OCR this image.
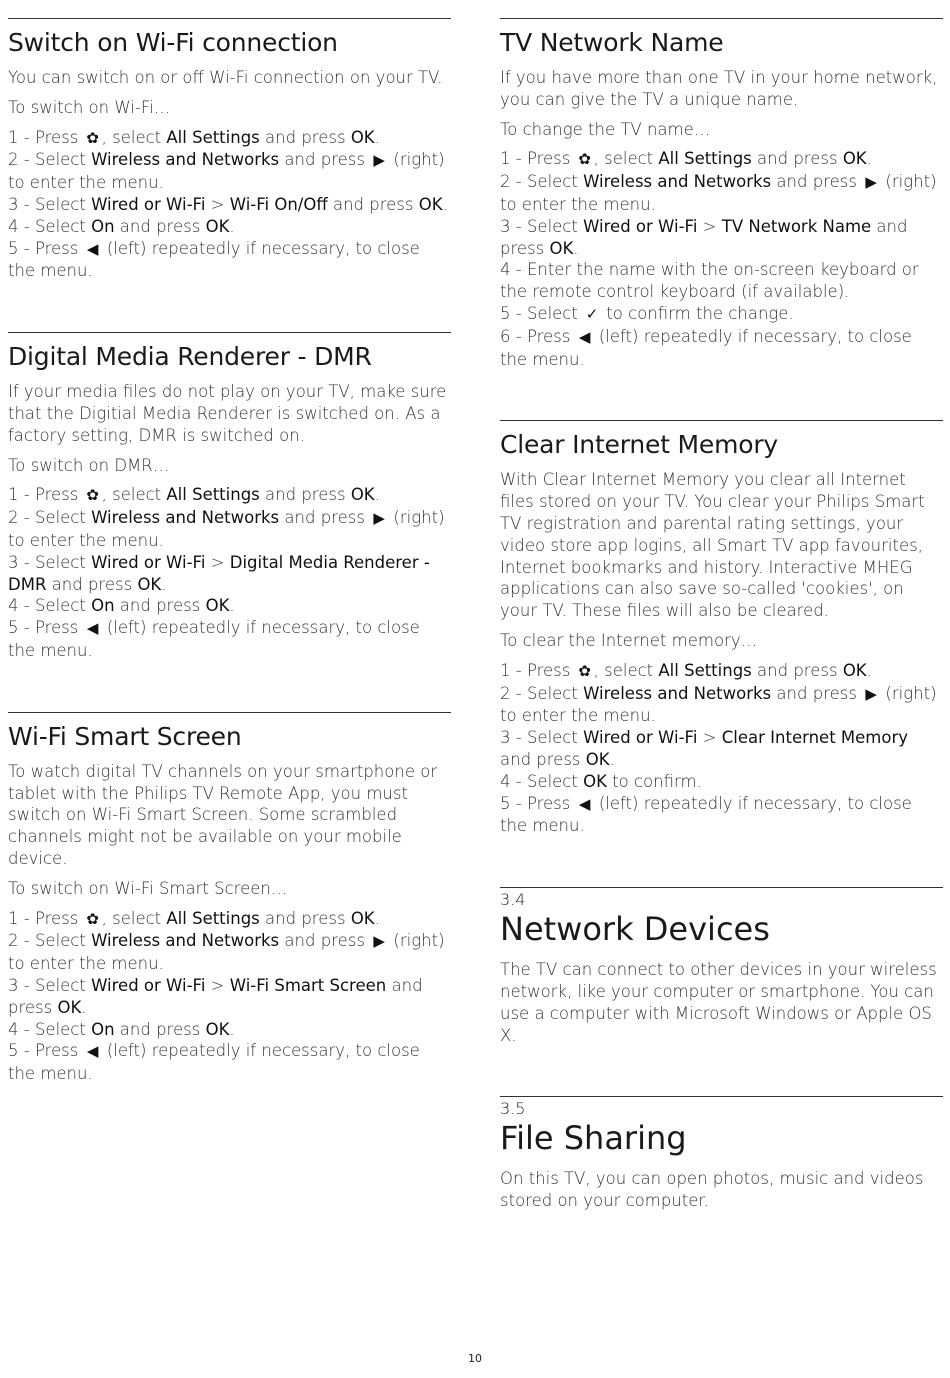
Switch on Wi-Fi connection

You can switch on or off Wi-Fi connection on your TV.

To switch on Wi-Fi…

1 - Press ✿ , select All Settings and press OK.
2 - Select Wireless and Networks and press ▶ (right) to enter the menu.
3 - Select Wired or Wi-Fi > Wi-Fi On/Off and press OK.
4 - Select On and press OK.
5 - Press ◀ (left) repeatedly if necessary, to close the menu.
Digital Media Renderer - DMR

If your media files do not play on your TV, make sure that the Digitial Media Renderer is switched on. As a factory setting, DMR is switched on.

To switch on DMR…

1 - Press ✿ , select All Settings and press OK.
2 - Select Wireless and Networks and press ▶ (right) to enter the menu.
3 - Select Wired or Wi-Fi > Digital Media Renderer - DMR and press OK.
4 - Select On and press OK.
5 - Press ◀ (left) repeatedly if necessary, to close the menu.
Wi-Fi Smart Screen

To watch digital TV channels on your smartphone or tablet with the Philips TV Remote App, you must switch on Wi-Fi Smart Screen. Some scrambled channels might not be available on your mobile device.

To switch on Wi-Fi Smart Screen…

1 - Press ✿ , select All Settings and press OK.
2 - Select Wireless and Networks and press ▶ (right) to enter the menu.
3 - Select Wired or Wi-Fi > Wi-Fi Smart Screen and press OK.
4 - Select On and press OK.
5 - Press ◀ (left) repeatedly if necessary, to close the menu.
TV Network Name

If you have more than one TV in your home network, you can give the TV a unique name.

To change the TV name…

1 - Press ✿ , select All Settings and press OK.
2 - Select Wireless and Networks and press ▶ (right) to enter the menu.
3 - Select Wired or Wi-Fi > TV Network Name and press OK.
4 - Enter the name with the on-screen keyboard or the remote control keyboard (if available).
5 - Select ✓ to confirm the change.
6 - Press ◀ (left) repeatedly if necessary, to close the menu.
Clear Internet Memory

With Clear Internet Memory you clear all Internet files stored on your TV. You clear your Philips Smart TV registration and parental rating settings, your video store app logins, all Smart TV app favourites, Internet bookmarks and history. Interactive MHEG applications can also save so-called 'cookies', on your TV. These files will also be cleared.

To clear the Internet memory…

1 - Press ✿ , select All Settings and press OK.
2 - Select Wireless and Networks and press ▶ (right) to enter the menu.
3 - Select Wired or Wi-Fi > Clear Internet Memory and press OK.
4 - Select OK to confirm.
5 - Press ◀ (left) repeatedly if necessary, to close the menu.
3.4
Network Devices

The TV can connect to other devices in your wireless network, like your computer or smartphone. You can use a computer with Microsoft Windows or Apple OS X.

3.5
File Sharing

On this TV, you can open photos, music and videos stored on your computer.

10
